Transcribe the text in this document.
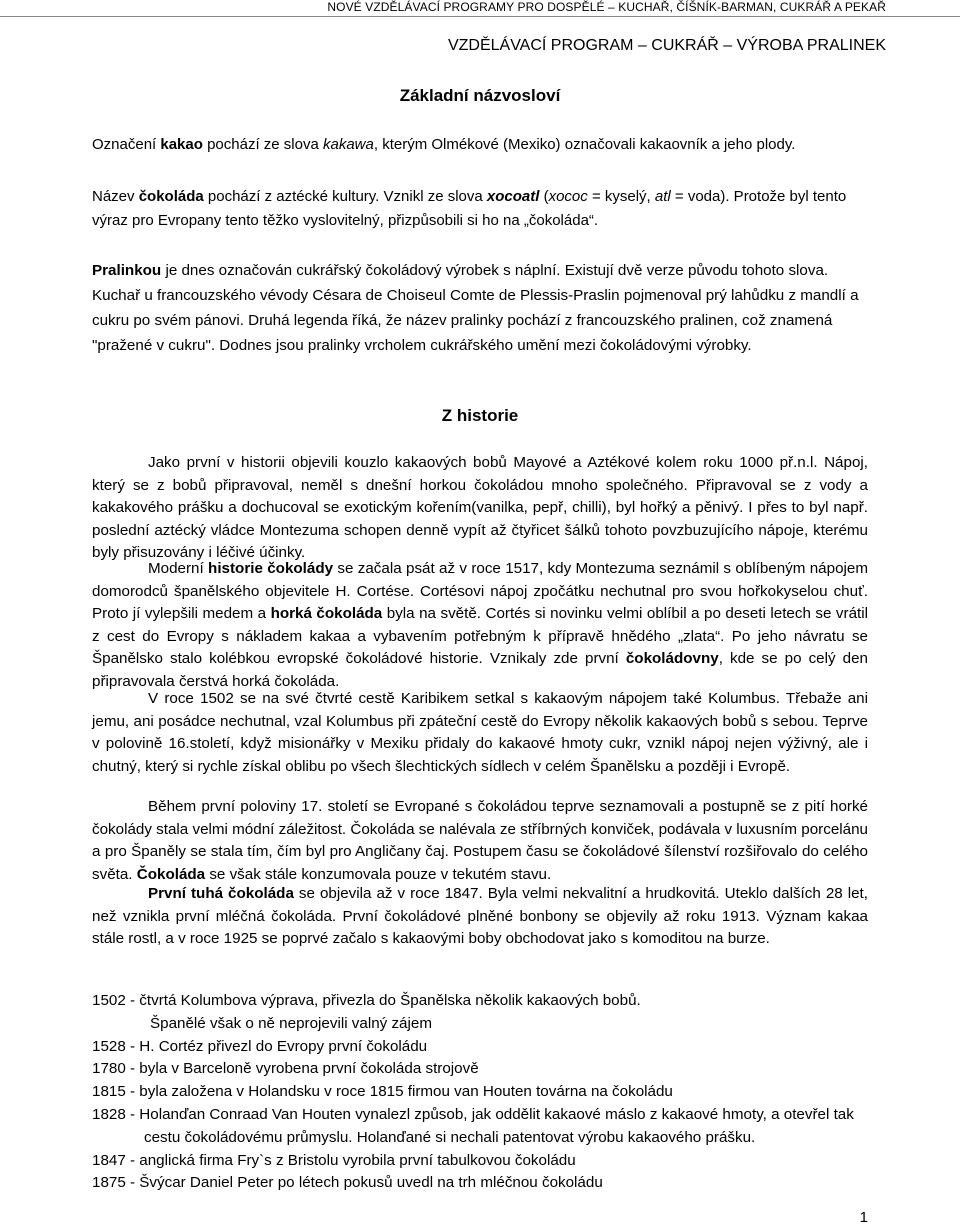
NOVÉ VZDĚLÁVACÍ PROGRAMY PRO DOSPĚLÉ – KUCHAŘ, ČÍŠNÍK-BARMAN, CUKRÁŘ A PEKAŘ
VZDĚLÁVACÍ PROGRAM – CUKRÁŘ – VÝROBA PRALINEK
Základní názvosloví

Označení kakao pochází ze slova kakawa, kterým Olmékové (Mexiko) označovali kakaovník a jeho plody.

Název čokoláda pochází z aztécké kultury. Vznikl ze slova xocoatl (xococ = kyselý, atl = voda). Protože byl tento výraz pro Evropany tento těžko vyslovitelný, přizpůsobili si ho na „čokoláda“.

Pralinkou je dnes označován cukrářský čokoládový výrobek s náplní. Existují dvě verze původu tohoto slova. Kuchař u francouzského vévody Césara de Choiseul Comte de Plessis-Praslin pojmenoval prý lahůdku z mandlí a cukru po svém pánovi. Druhá legenda říká, že název pralinky pochází z francouzského pralinen, což znamená "pražené v cukru". Dodnes jsou pralinky vrcholem cukrářského umění mezi čokoládovými výrobky.

Z historie

Jako první v historii objevili kouzlo kakaových bobů Mayové a Aztékové kolem roku 1000 př.n.l. Nápoj, který se z bobů připravoval, neměl s dnešní horkou čokoládou mnoho společného. Připravoval se z vody a kakakového prášku a dochucoval se exotickým kořením(vanilka, pepř, chilli), byl hořký a pěnivý. I přes to byl např. poslední aztécký vládce Montezuma schopen denně vypít až čtyřicet šálků tohoto povzbuzujícího nápoje, kterému byly přisuzovány i léčivé účinky.

Moderní historie čokolády se začala psát až v roce 1517, kdy Montezuma seznámil s oblíbeným nápojem domorodců španělského objevitele H. Cortése. Cortésovi nápoj zpočátku nechutnal pro svou hořkokyselou chuť. Proto jí vylepšili medem a horká čokoláda byla na světě. Cortés si novinku velmi oblíbil a po deseti letech se vrátil z cest do Evropy s nákladem kakaa a vybavením potřebným k přípravě hnědého „zlata“. Po jeho návratu se Španělsko stalo kolébkou evropské čokoládové historie. Vznikaly zde první čokoládovny, kde se po celý den připravovala čerstvá horká čokoláda.

V roce 1502 se na své čtvrté cestě Karibikem setkal s kakaovým nápojem také Kolumbus. Třebaže ani jemu, ani posádce nechutnal, vzal Kolumbus při zpáteční cestě do Evropy několik kakaových bobů s sebou. Teprve v polovině 16.století, když misionářky v Mexiku přidaly do kakaové hmoty cukr, vznikl nápoj nejen výživný, ale i chutný, který si rychle získal oblibu po všech šlechtických sídlech v celém Španělsku a později i Evropě.

Během první poloviny 17. století se Evropané s čokoládou teprve seznamovali a postupně se z pití horké čokolády stala velmi módní záležitost. Čokoláda se nalévala ze stříbrných konviček, podávala v luxusním porcelánu a pro Španěly se stala tím, čím byl pro Angličany čaj. Postupem času se čokoládové šílenství rozšiřovalo do celého světa. Čokoláda se však stále konzumovala pouze v tekutém stavu.

První tuhá čokoláda se objevila až v roce 1847. Byla velmi nekvalitní a hrudkovitá. Uteklo dalších 28 let, než vznikla první mléčná čokoláda. První čokoládové plněné bonbony se objevily až roku 1913. Význam kakaa stále rostl, a v roce 1925 se poprvé začalo s kakaovými boby obchodovat jako s komoditou na burze.

1502 - čtvrtá Kolumbova výprava, přivezla do Španělska několik kakaových bobů.
Španělé však o ně neprojevili valný zájem
1528 - H. Cortéz přivezl do Evropy první čokoládu
1780 - byla v Barceloně vyrobena první čokoláda strojově
1815 - byla založena v Holandsku v roce 1815 firmou van Houten továrna na čokoládu
1828 - Holanďan Conraad Van Houten vynalezl způsob, jak oddělit kakaové máslo z kakaové hmoty, a otevřel tak cestu čokoládovému průmyslu. Holanďané si nechali patentovat výrobu kakaového prášku.
1847 - anglická firma Fry`s z Bristolu vyrobila první tabulkovou čokoládu
1875 - Švýcar Daniel Peter po létech pokusů uvedl na trh mléčnou čokoládu
1
